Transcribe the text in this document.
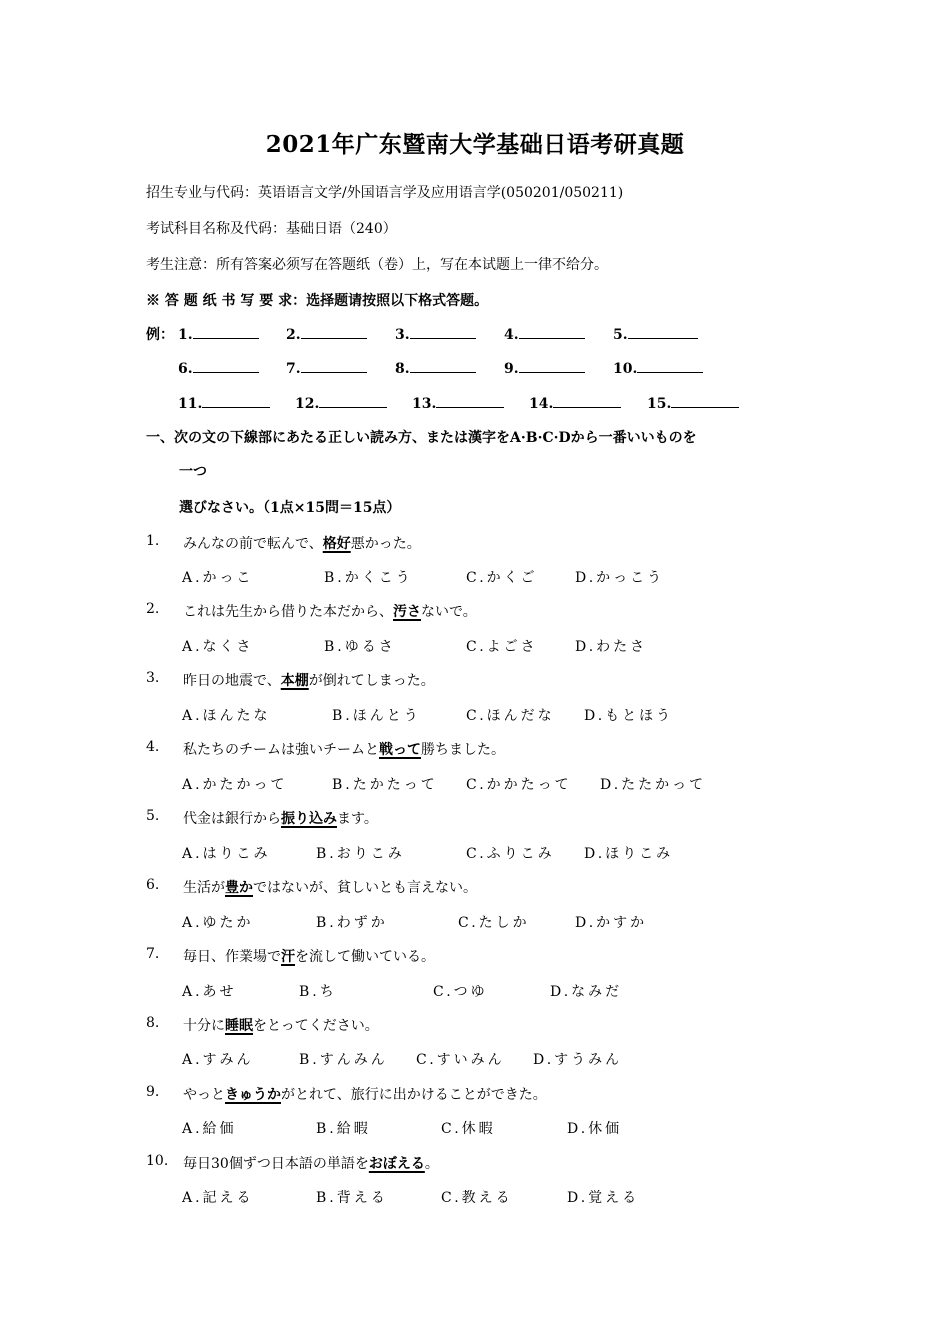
2021年广东暨南大学基础日语考研真题
招生专业与代码：英语语言文学/外国语言学及应用语言学(050201/050211)
考试科目名称及代码：基础日语（240）
考生注意：所有答案必须写在答题纸（卷）上，写在本试题上一律不给分。
※ 答 题 纸 书 写 要 求：选择题请按照以下格式答题。
例： 1.	2.	3.	4.	5.
6.	7.	8.	9.	10.
11.	12.	13.	14.	15.
一、次の文の下線部にあたる正しい読み方、または漢字をA·B·C·Dから一番いいものを
一つ
選びなさい。（1点×15問＝15点）
1. みんなの前で転んで、格好悪かった。
A.かっこ	B.かくこう	C.かくご	D.かっこう
2. これは先生から借りた本だから、汚さないで。
A.なくさ	B.ゆるさ	C.よごさ	D.わたさ
3. 昨日の地震で、本棚が倒れてしまった。
A.ほんたな	B.ほんとう	C.ほんだな D.もとほう
4. 私たちのチームは強いチームと戦って勝ちました。
A.かたかって	B.たかたって C.かかたって D.たたかって
5. 代金は銀行から振り込みます。
A.はりこみ	B.おりこみ	C.ふりこみ D.ほりこみ
6. 生活が豊かではないが、貧しいとも言えない。
A.ゆたか	B.わずか	C.たしか	D.かすか
7. 毎日、作業場で汗を流して働いている。
A.あせ	B.ち	C.つゆ	D.なみだ
8. 十分に睡眠をとってください。
A.すみん	B.すんみん C.すいみん D.すうみん
9. やっときゅうかがとれて、旅行に出かけることができた。
A.給価	B.給暇	C.休暇	D.休価
10. 毎日30個ずつ日本語の単語をおぼえる。
A.記える	B.背える	C.教える	D.覚える
